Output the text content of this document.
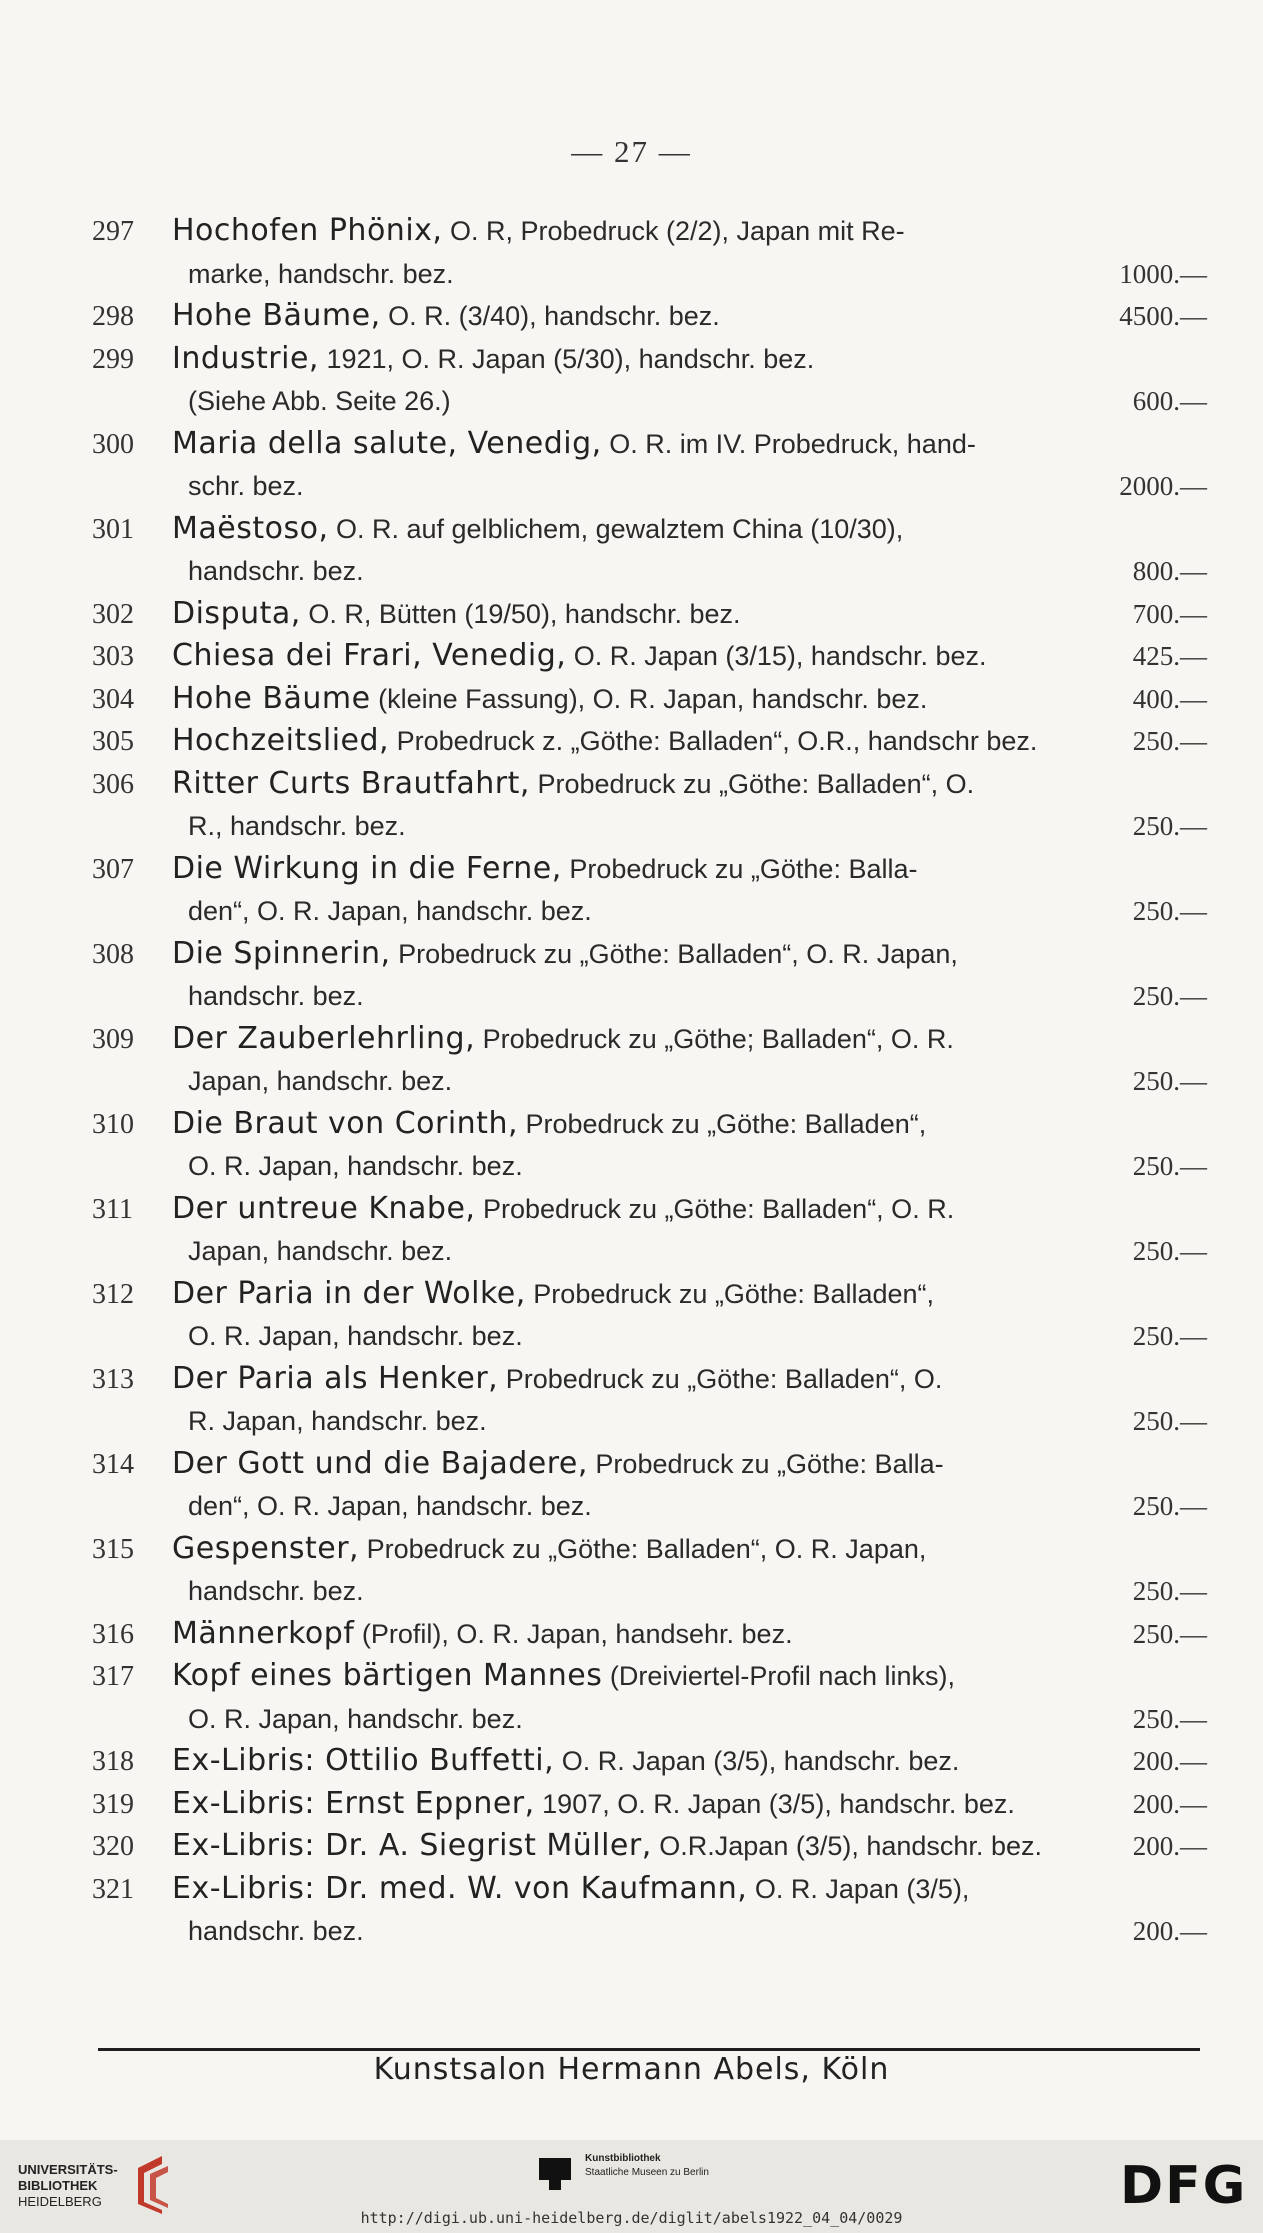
— 27 —
297	Hochofen Phönix, O. R, Probedruck (2/2), Japan mit Re-
marke, handschr. bez.	1000.—
298	Hohe Bäume, O. R. (3/40), handschr. bez.	4500.—
299	Industrie, 1921, O. R. Japan (5/30), handschr. bez.
(Siehe Abb. Seite 26.)	600.—
300	Maria della salute, Venedig, O. R. im IV. Probedruck, hand-
schr. bez.	2000.—
301	Maëstoso, O. R. auf gelblichem, gewalztem China (10/30),
handschr. bez.	800.—
302	Disputa, O. R, Bütten (19/50), handschr. bez.	700.—
303	Chiesa dei Frari, Venedig, O. R. Japan (3/15), handschr. bez.	425.—
304	Hohe Bäume (kleine Fassung), O. R. Japan, handschr. bez.	400.—
305	Hochzeitslied, Probedruck z. „Göthe: Balladen“, O.R., handschr bez.	250.—
306	Ritter Curts Brautfahrt, Probedruck zu „Göthe: Balladen“, O.
R., handschr. bez.	250.—
307	Die Wirkung in die Ferne, Probedruck zu „Göthe: Balla-
den“, O. R. Japan, handschr. bez.	250.—
308	Die Spinnerin, Probedruck zu „Göthe: Balladen“, O. R. Japan,
handschr. bez.	250.—
309	Der Zauberlehrling, Probedruck zu „Göthe; Balladen“, O. R.
Japan, handschr. bez.	250.—
310	Die Braut von Corinth, Probedruck zu „Göthe: Balladen“,
O. R. Japan, handschr. bez.	250.—
311	Der untreue Knabe, Probedruck zu „Göthe: Balladen“, O. R.
Japan, handschr. bez.	250.—
312	Der Paria in der Wolke, Probedruck zu „Göthe: Balladen“,
O. R. Japan, handschr. bez.	250.—
313	Der Paria als Henker, Probedruck zu „Göthe: Balladen“, O.
R. Japan, handschr. bez.	250.—
314	Der Gott und die Bajadere, Probedruck zu „Göthe: Balla-
den“, O. R. Japan, handschr. bez.	250.—
315	Gespenster, Probedruck zu „Göthe: Balladen“, O. R. Japan,
handschr. bez.	250.—
316	Männerkopf (Profil), O. R. Japan, handsehr. bez.	250.—
317	Kopf eines bärtigen Mannes (Dreiviertel-Profil nach links),
O. R. Japan, handschr. bez.	250.—
318	Ex-Libris: Ottilio Buffetti, O. R. Japan (3/5), handschr. bez.	200.—
319	Ex-Libris: Ernst Eppner, 1907, O. R. Japan (3/5), handschr. bez.	200.—
320	Ex-Libris: Dr. A. Siegrist Müller, O.R.Japan (3/5), handschr. bez.	200.—
321	Ex-Libris: Dr. med. W. von Kaufmann, O. R. Japan (3/5),
handschr. bez.	200.—
Kunstsalon Hermann Abels, Köln
UNIVERSITÄTS-
BIBLIOTHEK
HEIDELBERG
Kunstbibliothek
Staatliche Museen zu Berlin	DFG
http://digi.ub.uni-heidelberg.de/diglit/abels1922_04_04/0029
